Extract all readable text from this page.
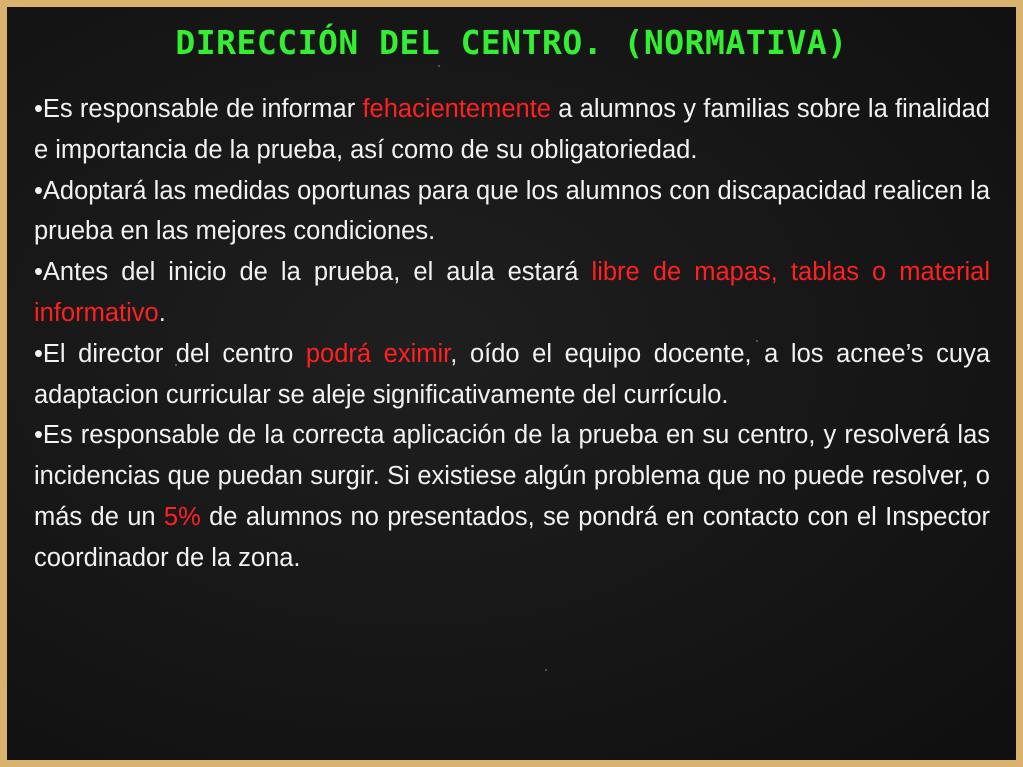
DIRECCIÓN DEL CENTRO. (NORMATIVA)

•Es responsable de informar fehacientemente a alumnos y familias sobre la finalidad e importancia de la prueba, así como de su obligatoriedad.

•Adoptará las medidas oportunas para que los alumnos con discapacidad realicen la prueba en las mejores condiciones.

•Antes del inicio de la prueba, el aula estará libre de mapas, tablas o material informativo.

•El director del centro podrá eximir, oído el equipo docente, a los acnee’s cuya adaptacion curricular se aleje significativamente del currículo.

•Es responsable de la correcta aplicación de la prueba en su centro, y resolverá las incidencias que puedan surgir. Si existiese algún problema que no puede resolver, o más de un 5% de alumnos no presentados, se pondrá en contacto con el Inspector coordinador de la zona.
